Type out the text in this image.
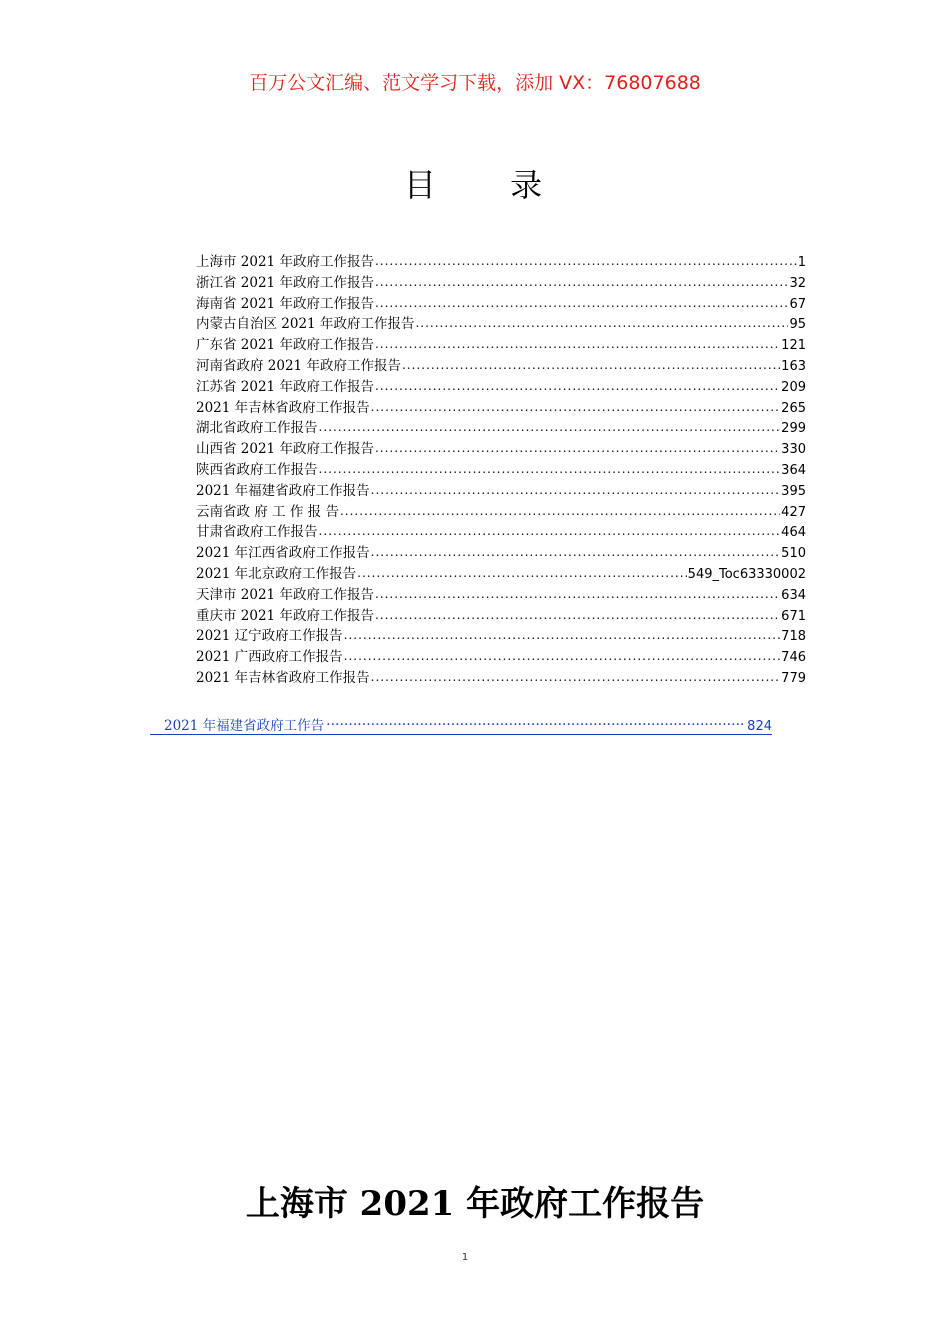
百万公文汇编、范文学习下载，添加 VX：76807688
目 录
上海市 2021 年政府工作报告 .....	1
浙江省 2021 年政府工作报告 .....	32
海南省 2021 年政府工作报告 .....	67
内蒙古自治区 2021 年政府工作报告 .....	95
广东省 2021 年政府工作报告 .....	121
河南省政府 2021 年政府工作报告 .....	163
江苏省 2021 年政府工作报告 .....	209
2021 年吉林省政府工作报告 .....	265
湖北省政府工作报告 .....	299
山西省 2021 年政府工作报告 .....	330
陕西省政府工作报告 .....	364
2021 年福建省政府工作报告 .....	395
云南省政 府 工 作 报 告 .....	427
甘肃省政府工作报告 .....	464
2021 年江西省政府工作报告 .....	510
2021 年北京政府工作报告 .....	549_Toc63330002
天津市 2021 年政府工作报告 .....	634
重庆市 2021 年政府工作报告 .....	671
2021 辽宁政府工作报告 .....	718
2021 广西政府工作报告 .....	746
2021 年吉林省政府工作报告 .....	779
2021 年福建省政府工作告 ·····	824
上海市 2021 年政府工作报告
1
